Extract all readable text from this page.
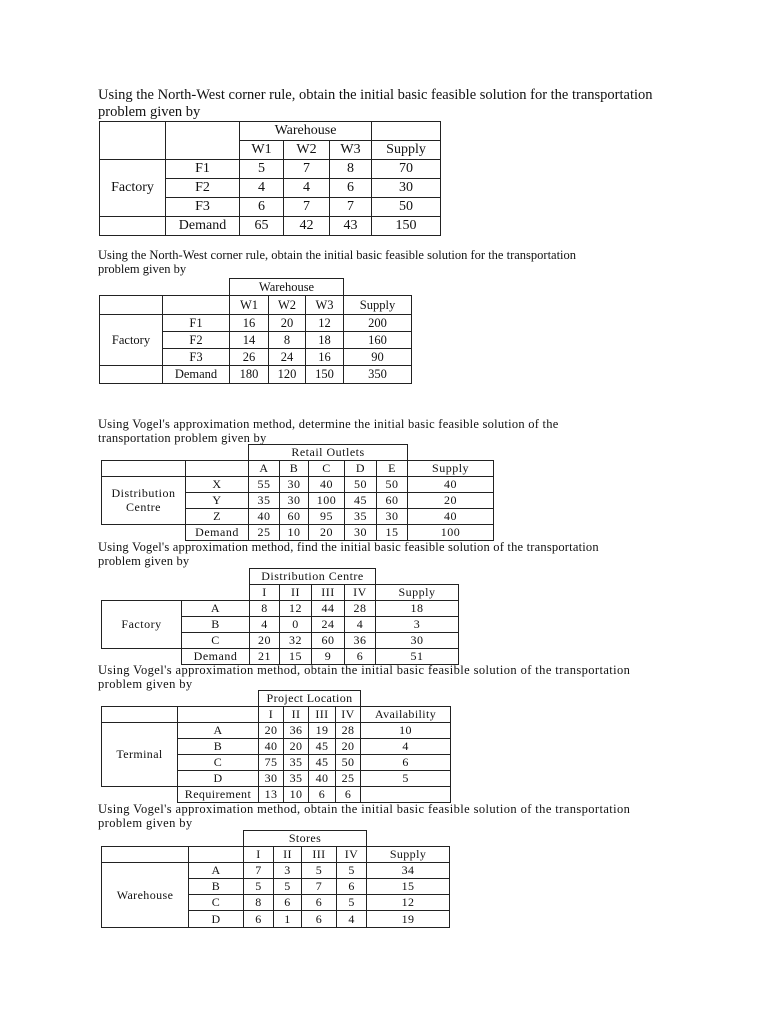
Using the North-West corner rule, obtain the initial basic feasible solution for the transportation

problem given by

		Warehouse			
		W1	W2	W3	Supply
Factory	F1	5	7	8	70
	F2	4	4	6	30
	F3	6	7	7	50
	Demand	65	42	43	150

Using the North-West corner rule, obtain the initial basic feasible solution for the transportation

problem given by

		Warehouse			
		W1	W2	W3	Supply
Factory	F1	16	20	12	200
	F2	14	8	18	160
	F3	26	24	16	90
	Demand	180	120	150	350

Using Vogel's approximation method, determine the initial basic feasible solution of the

transportation problem given by

		Retail Outlets					
		A	B	C	D	E	Supply
Distribution Centre	X	55	30	40	50	50	40
	Y	35	30	100	45	60	20
	Z	40	60	95	35	30	40
	Demand	25	10	20	30	15	100

Using Vogel's approximation method, find the initial basic feasible solution of the transportation

problem given by

		Distribution Centre				
		I	II	III	IV	Supply
Factory	A	8	12	44	28	18
	B	4	0	24	4	3
	C	20	32	60	36	30
	Demand	21	15	9	6	51

Using Vogel's approximation method, obtain the initial basic feasible solution of the transportation

problem given by

		Project Location				
		I	II	III	IV	Availability
Terminal	A	20	36	19	28	10
	B	40	20	45	20	4
	C	75	35	45	50	6
	D	30	35	40	25	5
	Requirement	13	10	6	6	

Using Vogel's approximation method, obtain the initial basic feasible solution of the transportation

problem given by

		Stores				
		I	II	III	IV	Supply
Warehouse	A	7	3	5	5	34
	B	5	5	7	6	15
	C	8	6	6	5	12
	D	6	1	6	4	19
